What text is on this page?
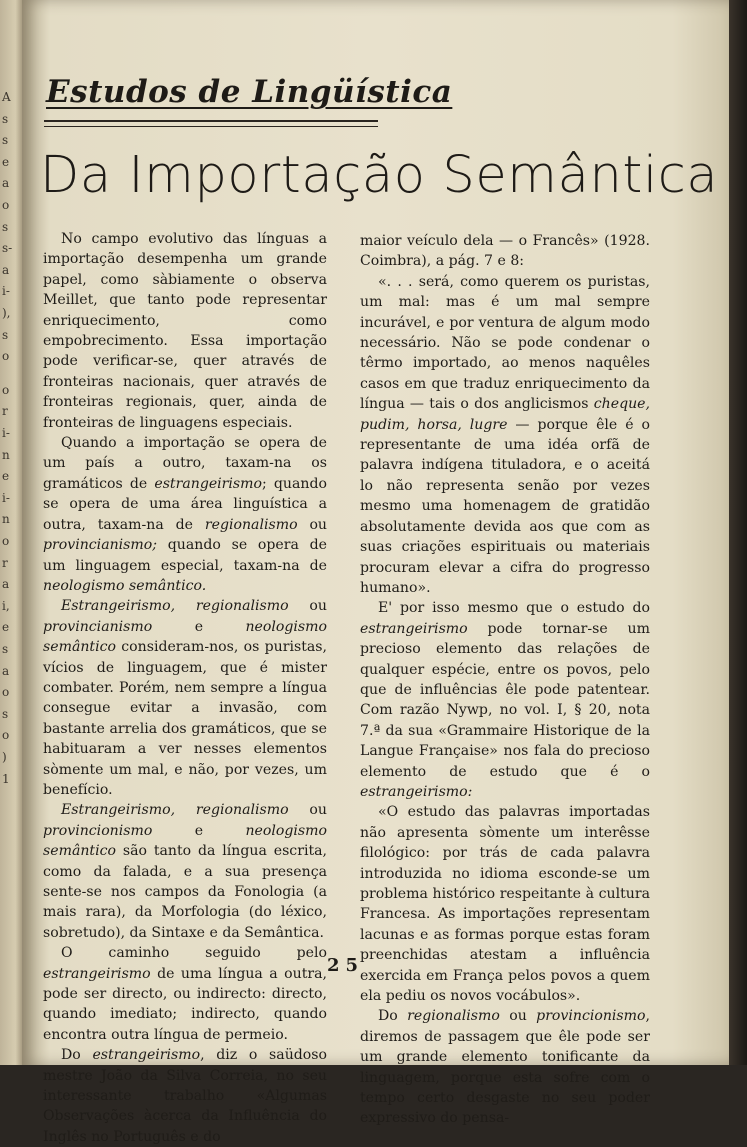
A
s
s
e
a
o
s
s-
a
i-
),
s
o
o
r
i-
n
e
i-
n
o
r
a
i,
e
s
a
o
s
o
)
1
Estudos de Lingüística
Da Importação Semântica

No campo evolutivo das línguas a importação desempenha um grande papel, como sàbiamente o observa Meillet, que tanto pode representar enriquecimento, como empobrecimento. Essa importação pode verificar-se, quer através de fronteiras nacionais, quer através de fronteiras regionais, quer, ainda de fronteiras de linguagens especiais.

Quando a importação se opera de um país a outro, taxam-na os gramáticos de estrangeirismo; quando se opera de uma área linguística a outra, taxam-na de regionalismo ou provincianismo; quando se opera de um linguagem especial, taxam-na de neologismo semântico.

Estrangeirismo, regionalismo ou provincianismo e neologismo semântico consideram-nos, os puristas, vícios de linguagem, que é mister combater. Porém, nem sempre a língua consegue evitar a invasão, com bastante arrelia dos gramáticos, que se habituaram a ver nesses elementos sòmente um mal, e não, por vezes, um benefício.

Estrangeirismo, regionalismo ou provincionismo e neologismo semântico são tanto da língua escrita, como da falada, e a sua presença sente-se nos campos da Fonologia (a mais rara), da Morfologia (do léxico, sobretudo), da Sintaxe e da Semântica.

O caminho seguido pelo estrangeirismo de uma língua a outra, pode ser directo, ou indirecto: directo, quando imediato; indirecto, quando encontra outra língua de permeio.

Do estrangeirismo, diz o saüdoso mestre João da Silva Correia, no seu interessante trabalho «Algumas Observações àcerca da Influência do Inglês no Português e do

maior veículo dela — o Francês» (1928. Coimbra), a pág. 7 e 8:

«. . . será, como querem os puristas, um mal: mas é um mal sempre incurável, e por ventura de algum modo necessário. Não se pode condenar o têrmo importado, ao menos naquêles casos em que traduz enriquecimento da língua — tais o dos anglicismos cheque, pudim, horsa, lugre — porque êle é o representante de uma idéa orfã de palavra indígena tituladora, e o aceitá lo não representa senão por vezes mesmo uma homenagem de gratidão absolutamente devida aos que com as suas criações espirituais ou materiais procuram elevar a cifra do progresso humano».

E' por isso mesmo que o estudo do estrangeirismo pode tornar-se um precioso elemento das relações de qualquer espécie, entre os povos, pelo que de influências êle pode patentear. Com razão Nywp, no vol. I, § 20, nota 7.ª da sua «Grammaire Historique de la Langue Française» nos fala do precioso elemento de estudo que é o estrangeirismo:

«O estudo das palavras importadas não apresenta sòmente um interêsse filológico: por trás de cada palavra introduzida no idioma esconde-se um problema histórico respeitante à cultura Francesa. As importações representam lacunas e as formas porque estas foram preenchidas atestam a influência exercida em França pelos povos a quem ela pediu os novos vocábulos».

Do regionalismo ou provincionismo, diremos de passagem que êle pode ser um grande elemento tonificante da linguagem, porque esta sofre com o tempo certo desgaste no seu poder expressivo do pensa-

25
